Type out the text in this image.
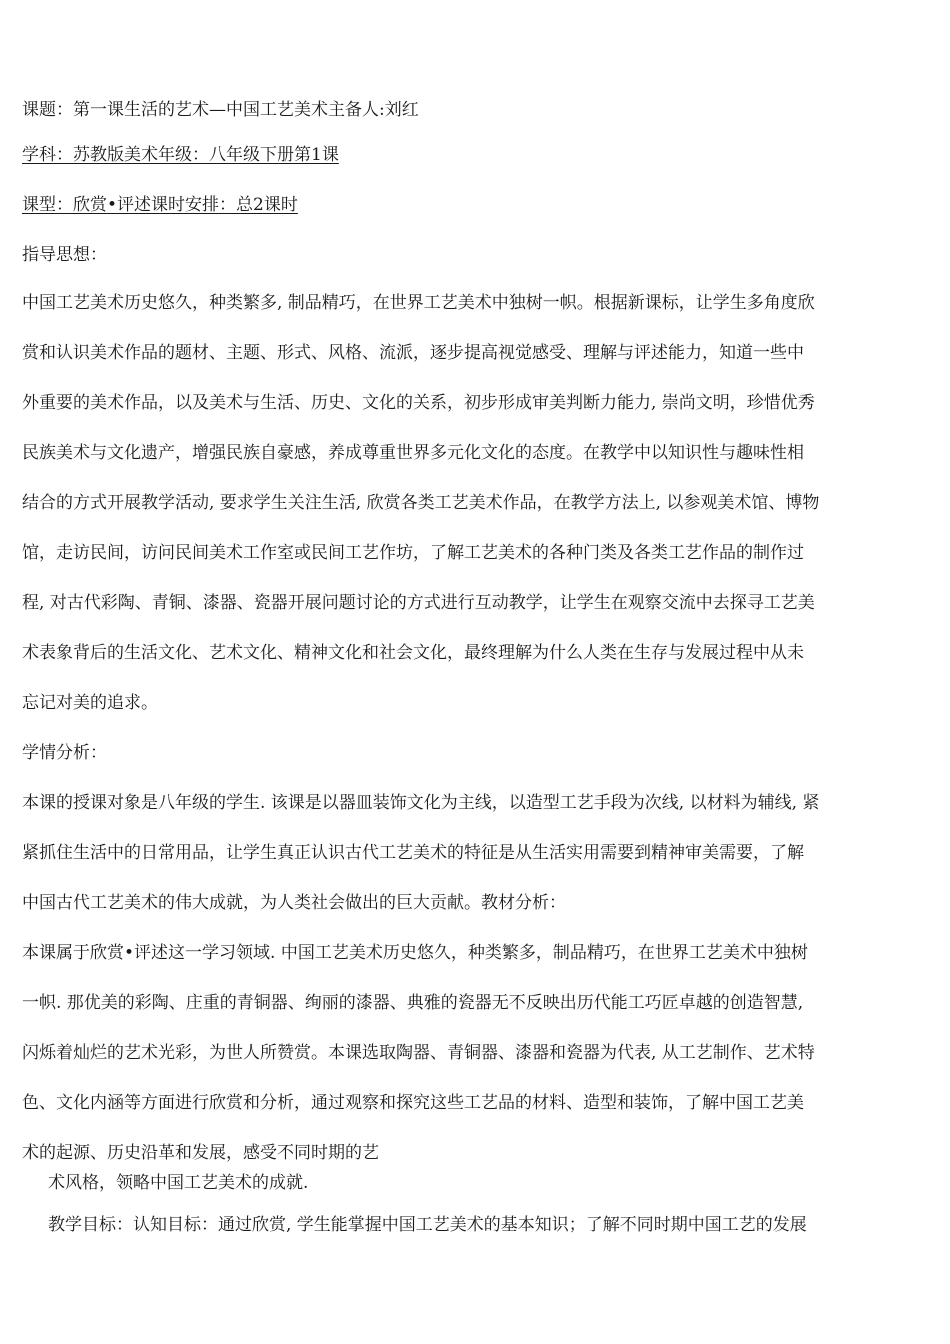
课题：第一课生活的艺术—中国工艺美术主备人:刘红
学科：苏教版美术年级：八年级下册第1课
课型：欣赏•评述课时安排：总2课时
指导思想：
中国工艺美术历史悠久，种类繁多, 制品精巧，在世界工艺美术中独树一帜。根据新课标，让学生多角度欣
赏和认识美术作品的题材、主题、形式、风格、流派，逐步提高视觉感受、理解与评述能力，知道一些中
外重要的美术作品，以及美术与生活、历史、文化的关系，初步形成审美判断力能力, 崇尚文明，珍惜优秀
民族美术与文化遗产，增强民族自豪感，养成尊重世界多元化文化的态度。在教学中以知识性与趣味性相
结合的方式开展教学活动, 要求学生关注生活, 欣赏各类工艺美术作品，在教学方法上, 以参观美术馆、博物
馆，走访民间，访问民间美术工作室或民间工艺作坊，了解工艺美术的各种门类及各类工艺作品的制作过
程, 对古代彩陶、青铜、漆器、瓷器开展问题讨论的方式进行互动教学，让学生在观察交流中去探寻工艺美
术表象背后的生活文化、艺术文化、精神文化和社会文化，最终理解为什么人类在生存与发展过程中从未
忘记对美的追求。
学情分析：
本课的授课对象是八年级的学生. 该课是以器皿装饰文化为主线，以造型工艺手段为次线, 以材料为辅线, 紧
紧抓住生活中的日常用品，让学生真正认识古代工艺美术的特征是从生活实用需要到精神审美需要，了解
中国古代工艺美术的伟大成就，为人类社会做出的巨大贡献。教材分析：
本课属于欣赏•评述这一学习领域. 中国工艺美术历史悠久，种类繁多，制品精巧，在世界工艺美术中独树
一帜. 那优美的彩陶、庄重的青铜器、绚丽的漆器、典雅的瓷器无不反映出历代能工巧匠卓越的创造智慧,
闪烁着灿烂的艺术光彩，为世人所赞赏。本课选取陶器、青铜器、漆器和瓷器为代表, 从工艺制作、艺术特
色、文化内涵等方面进行欣赏和分析，通过观察和探究这些工艺品的材料、造型和装饰，了解中国工艺美
术的起源、历史沿革和发展，感受不同时期的艺
术风格，领略中国工艺美术的成就.
教学目标：认知目标：通过欣赏, 学生能掌握中国工艺美术的基本知识；了解不同时期中国工艺的发展
